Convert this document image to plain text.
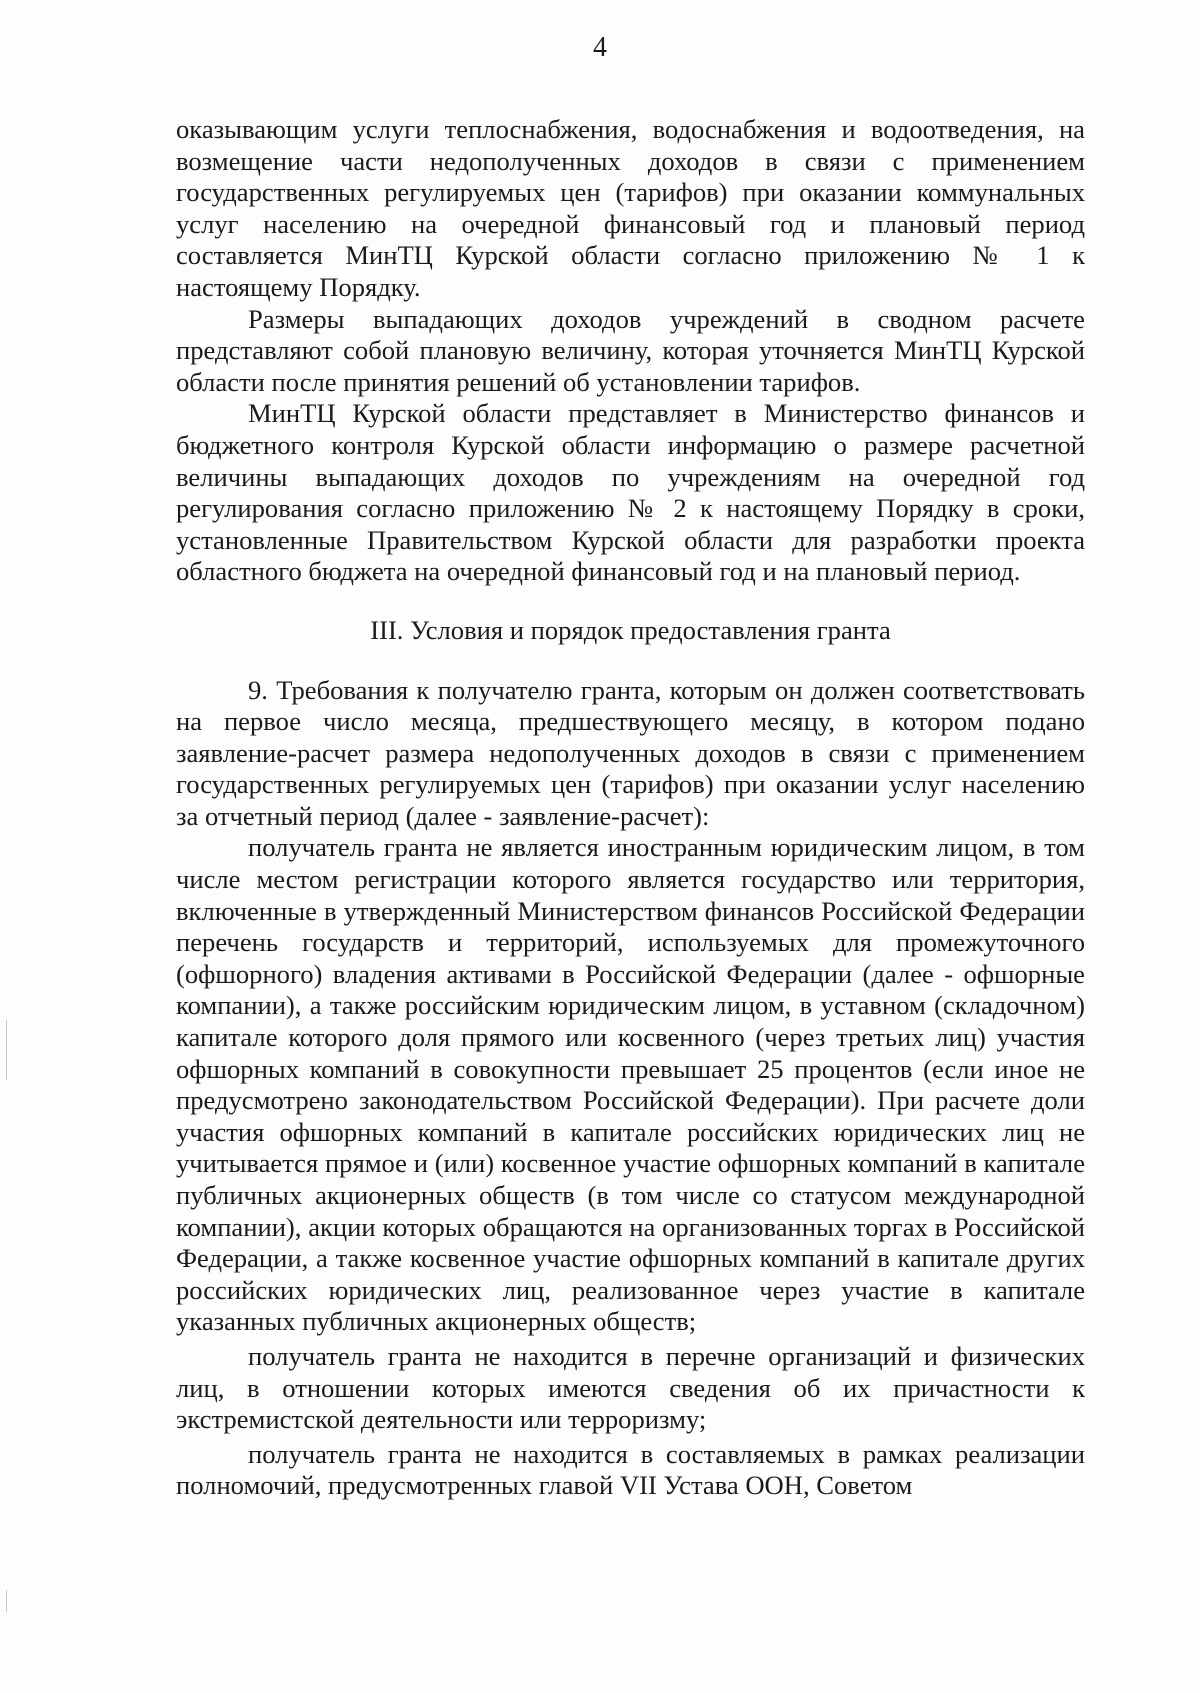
4

оказывающим услуги теплоснабжения, водоснабжения и водоотведения, на возмещение части недополученных доходов в связи с применением государственных регулируемых цен (тарифов) при оказании коммунальных услуг населению на очередной финансовый год и плановый период составляется МинТЦ Курской области согласно приложению № 1 к настоящему Порядку.

Размеры выпадающих доходов учреждений в сводном расчете представляют собой плановую величину, которая уточняется МинТЦ Курской области после принятия решений об установлении тарифов.

МинТЦ Курской области представляет в Министерство финансов и бюджетного контроля Курской области информацию о размере расчетной величины выпадающих доходов по учреждениям на очередной год регулирования согласно приложению № 2 к настоящему Порядку в сроки, установленные Правительством Курской области для разработки проекта областного бюджета на очередной финансовый год и на плановый период.

III. Условия и порядок предоставления гранта

9. Требования к получателю гранта, которым он должен соответствовать на первое число месяца, предшествующего месяцу, в котором подано заявление-расчет размера недополученных доходов в связи с применением государственных регулируемых цен (тарифов) при оказании услуг населению за отчетный период (далее - заявление-расчет):

получатель гранта не является иностранным юридическим лицом, в том числе местом регистрации которого является государство или территория, включенные в утвержденный Министерством финансов Российской Федерации перечень государств и территорий, используемых для промежуточного (офшорного) владения активами в Российской Федерации (далее - офшорные компании), а также российским юридическим лицом, в уставном (складочном) капитале которого доля прямого или косвенного (через третьих лиц) участия офшорных компаний в совокупности превышает 25 процентов (если иное не предусмотрено законодательством Российской Федерации). При расчете доли участия офшорных компаний в капитале российских юридических лиц не учитывается прямое и (или) косвенное участие офшорных компаний в капитале публичных акционерных обществ (в том числе со статусом международной компании), акции которых обращаются на организованных торгах в Российской Федерации, а также косвенное участие офшорных компаний в капитале других российских юридических лиц, реализованное через участие в капитале указанных публичных акционерных обществ;

получатель гранта не находится в перечне организаций и физических лиц, в отношении которых имеются сведения об их причастности к экстремистской деятельности или терроризму;

получатель гранта не находится в составляемых в рамках реализации полномочий, предусмотренных главой VII Устава ООН, Советом
